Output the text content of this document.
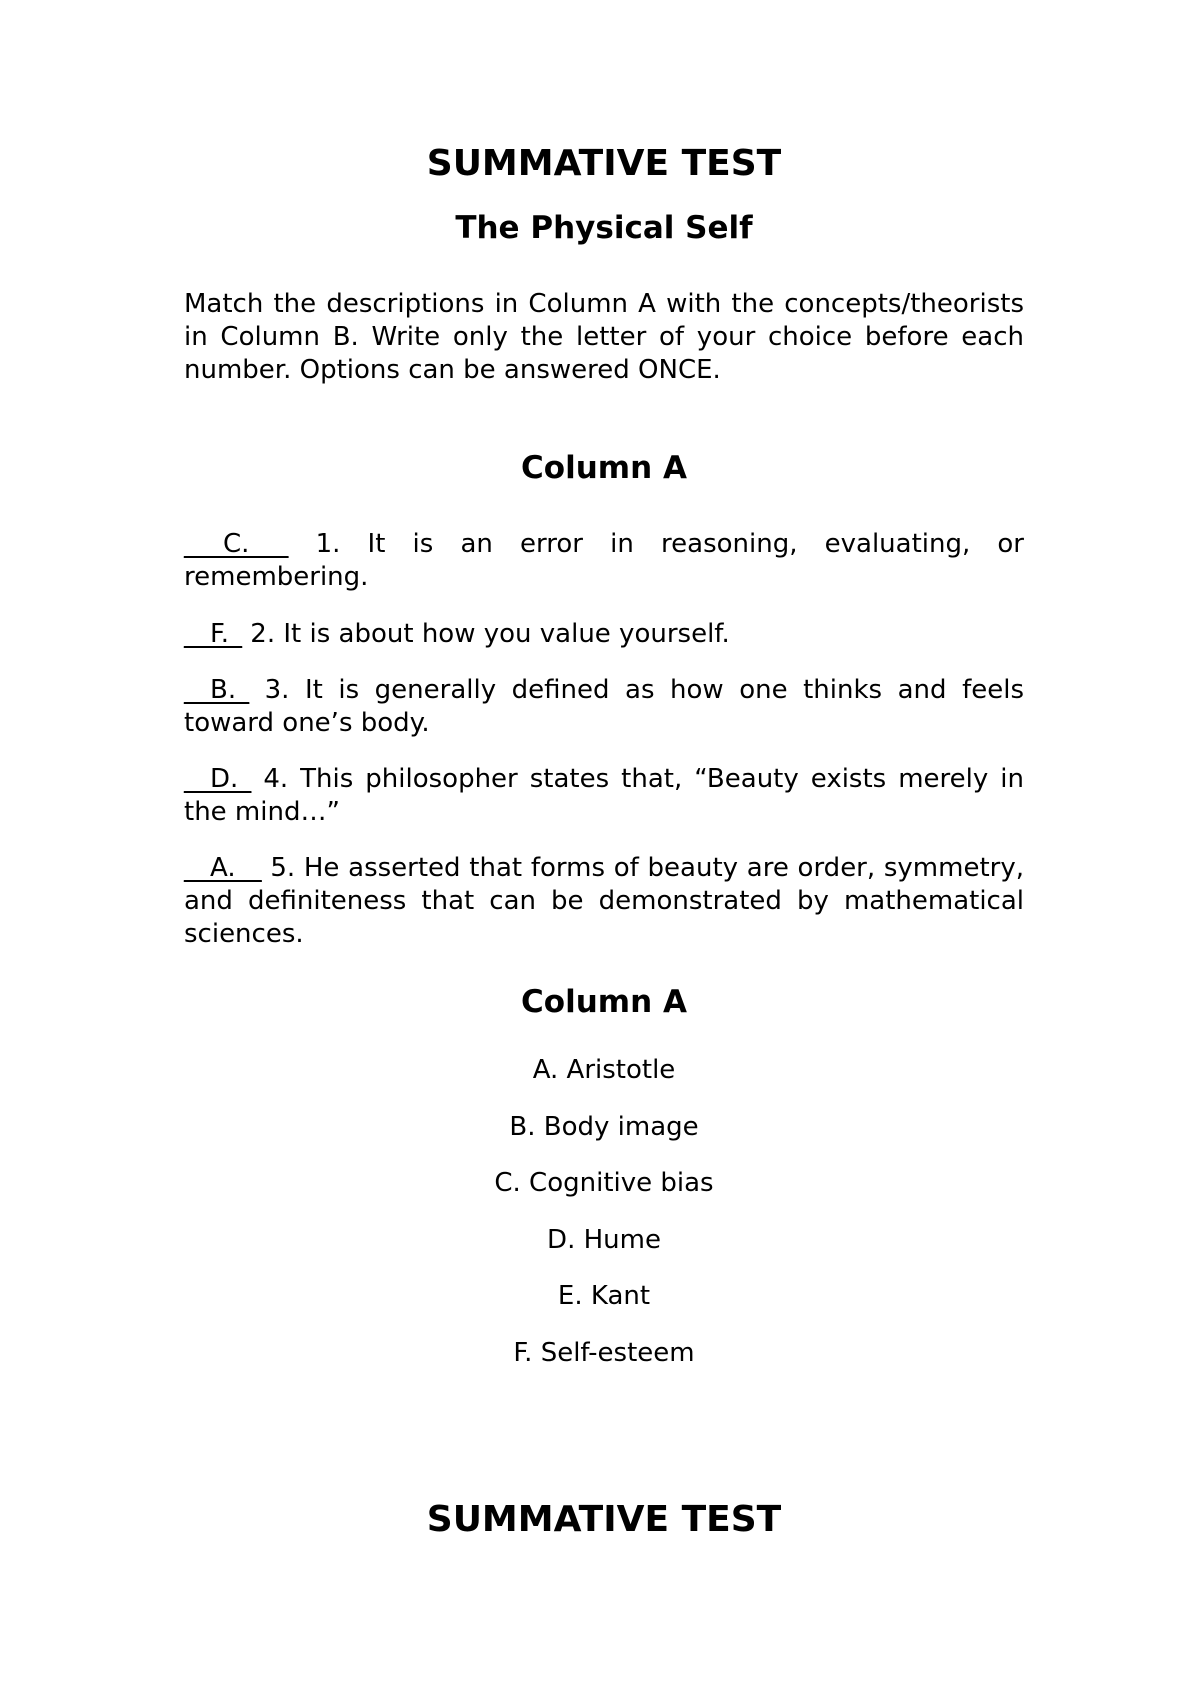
SUMMATIVE TEST
The Physical Self

Match the descriptions in Column A with the concepts/theorists in Column B. Write only the letter of your choice before each number. Options can be answered ONCE.

Column A

___C.___ 1. It is an error in reasoning, evaluating, or remembering.

__F._ 2. It is about how you value yourself.

__B._ 3. It is generally defined as how one thinks and feels toward one’s body.

__D._ 4. This philosopher states that, “Beauty exists merely in the mind…”

__A.__ 5. He asserted that forms of beauty are order, symmetry, and definiteness that can be demonstrated by mathematical sciences.

Column A

A. Aristotle

B. Body image

C. Cognitive bias

D. Hume

E. Kant

F. Self-esteem

SUMMATIVE TEST
